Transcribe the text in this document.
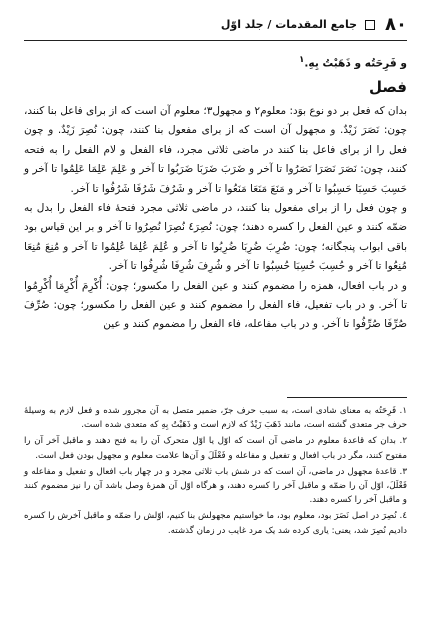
٨٠
جامع المقدمات / جلد اوّل
و فَرِحَتُه و ذَهَبْتُ بِهِ.$^١$
فصل

بدان که فعل بر دو نوع بوَد: معلوم٢ و مجهول٣؛ معلوم آن است که از برای فاعل بنا کنند، چون: نَصَرَ زَيْدٌ. و مجهول آن است که از برای مفعول بنا کنند، چون: نُصِرَ زَيْدٌ. و چون فعل را از برای فاعل بنا کنند در ماضی ثلاثی مجرد، فاء الفعل و لام الفعل را به فتحه کنند، چون: نَصَرَ نَصَرَا نَصَرُوا تا آخر و ضَرَبَ ضَرَبَا ضَرَبُوا تا آخر و عَلِمَ عَلِمَا عَلِمُوا تا آخر و حَسِبَ حَسِبَا حَسِبُوا تا آخر و مَنَعَ مَنَعَا مَنَعُوا تا آخر و شَرُفَ شَرُفَا شَرُفُوا تا آخر.

و چون فعل را از برای مفعول بنا کنند، در ماضی ثلاثی مجرد فتحهٔ فاء الفعل را بدل به ضمّه کنند و عین الفعل را کسره دهند؛ چون: نُصِرَ٤ نُصِرَا نُصِرُوا تا آخر و بر این قیاس بود باقی ابواب پنجگانه؛ چون: ضُرِبَ ضُرِبَا ضُرِبُوا تا آخر و عُلِمَ عُلِمَا عُلِمُوا تا آخر و مُنِعَ مُنِعَا مُنِعُوا تا آخر و حُسِبَ حُسِبَا حُسِبُوا تا آخر و شُرِفَ شُرِفَا شُرِفُوا تا آخر.

و در باب افعال، همزه را مضموم کنند و عین الفعل را مکسور؛ چون: أُكْرِمَ أُكْرِمَا أُكْرِمُوا تا آخر. و در باب تفعیل، فاء الفعل را مضموم کنند و عین الفعل را مکسور؛ چون: صُرِّفَ صُرِّفَا صُرِّفُوا تا آخر. و در باب مفاعله، فاء الفعل را مضموم کنند و عین

١. فَرِحَتُه به معنای شادی است، به سبب حرف جرّ، ضمیر متصل به آن مجرور شده و فعل لازم به وسیلهٔ حرف جر متعدی گشته است، مانند ذَهَبَ زَيْدٌ که لازم است و ذَهَبْتُ بِهِ که متعدی شده است.

٢. بدان که قاعدهٔ معلوم در ماضی آن است که اوّل یا اوّل متحرک آن را به فتح دهند و ماقبل آخر آن را مفتوح کنند، مگر در باب افعال و تفعیل و مفاعله و فَعْلَلَ و آن‌ها علامت معلوم و مجهول بودن فعل است.

٣. قاعدهٔ مجهول در ماضی، آن است که در شش باب ثلاثی مجرد و در چهار باب افعال و تفعیل و مفاعله و فَعْلَلَ، اوّل آن را ضمّه و ماقبل آخر را کسره دهند، و هرگاه اوّل آن همزهٔ وصل باشد آن را نیز مضموم کنند و ماقبل آخر را کسره دهند.

٤. نُصِرَ در اصل نَصَرَ بود، معلوم بود، ما خواستیم مجهولش بنا کنیم، اوّلش را ضمّه و ماقبل آخرش را کسره دادیم نُصِرَ شد، یعنی: یاری کرده شد یک مرد غایب در زمان گذشته.
